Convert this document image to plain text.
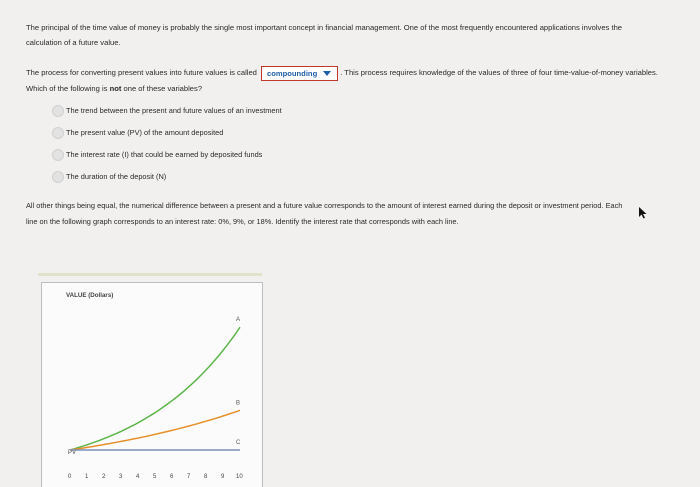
The principal of the time value of money is probably the single most important concept in financial management. One of the most frequently encountered applications involves the calculation of a future value.
The process for converting present values into future values is called compounding	. This process requires knowledge of the values of three of four time-value-of-money variables. Which of the following is not one of these variables?
The trend between the present and future values of an investment
The present value (PV) of the amount deposited
The interest rate (I) that could be earned by deposited funds
The duration of the deposit (N)
All other things being equal, the numerical difference between a present and a future value corresponds to the amount of interest earned during the deposit or investment period. Each line on the following graph corresponds to an interest rate: 0%, 9%, or 18%. Identify the interest rate that corresponds with each line.
VALUE (Dollars)
PV
A
B
C
0 1 2 3 4 5 6 7 8 9 10
